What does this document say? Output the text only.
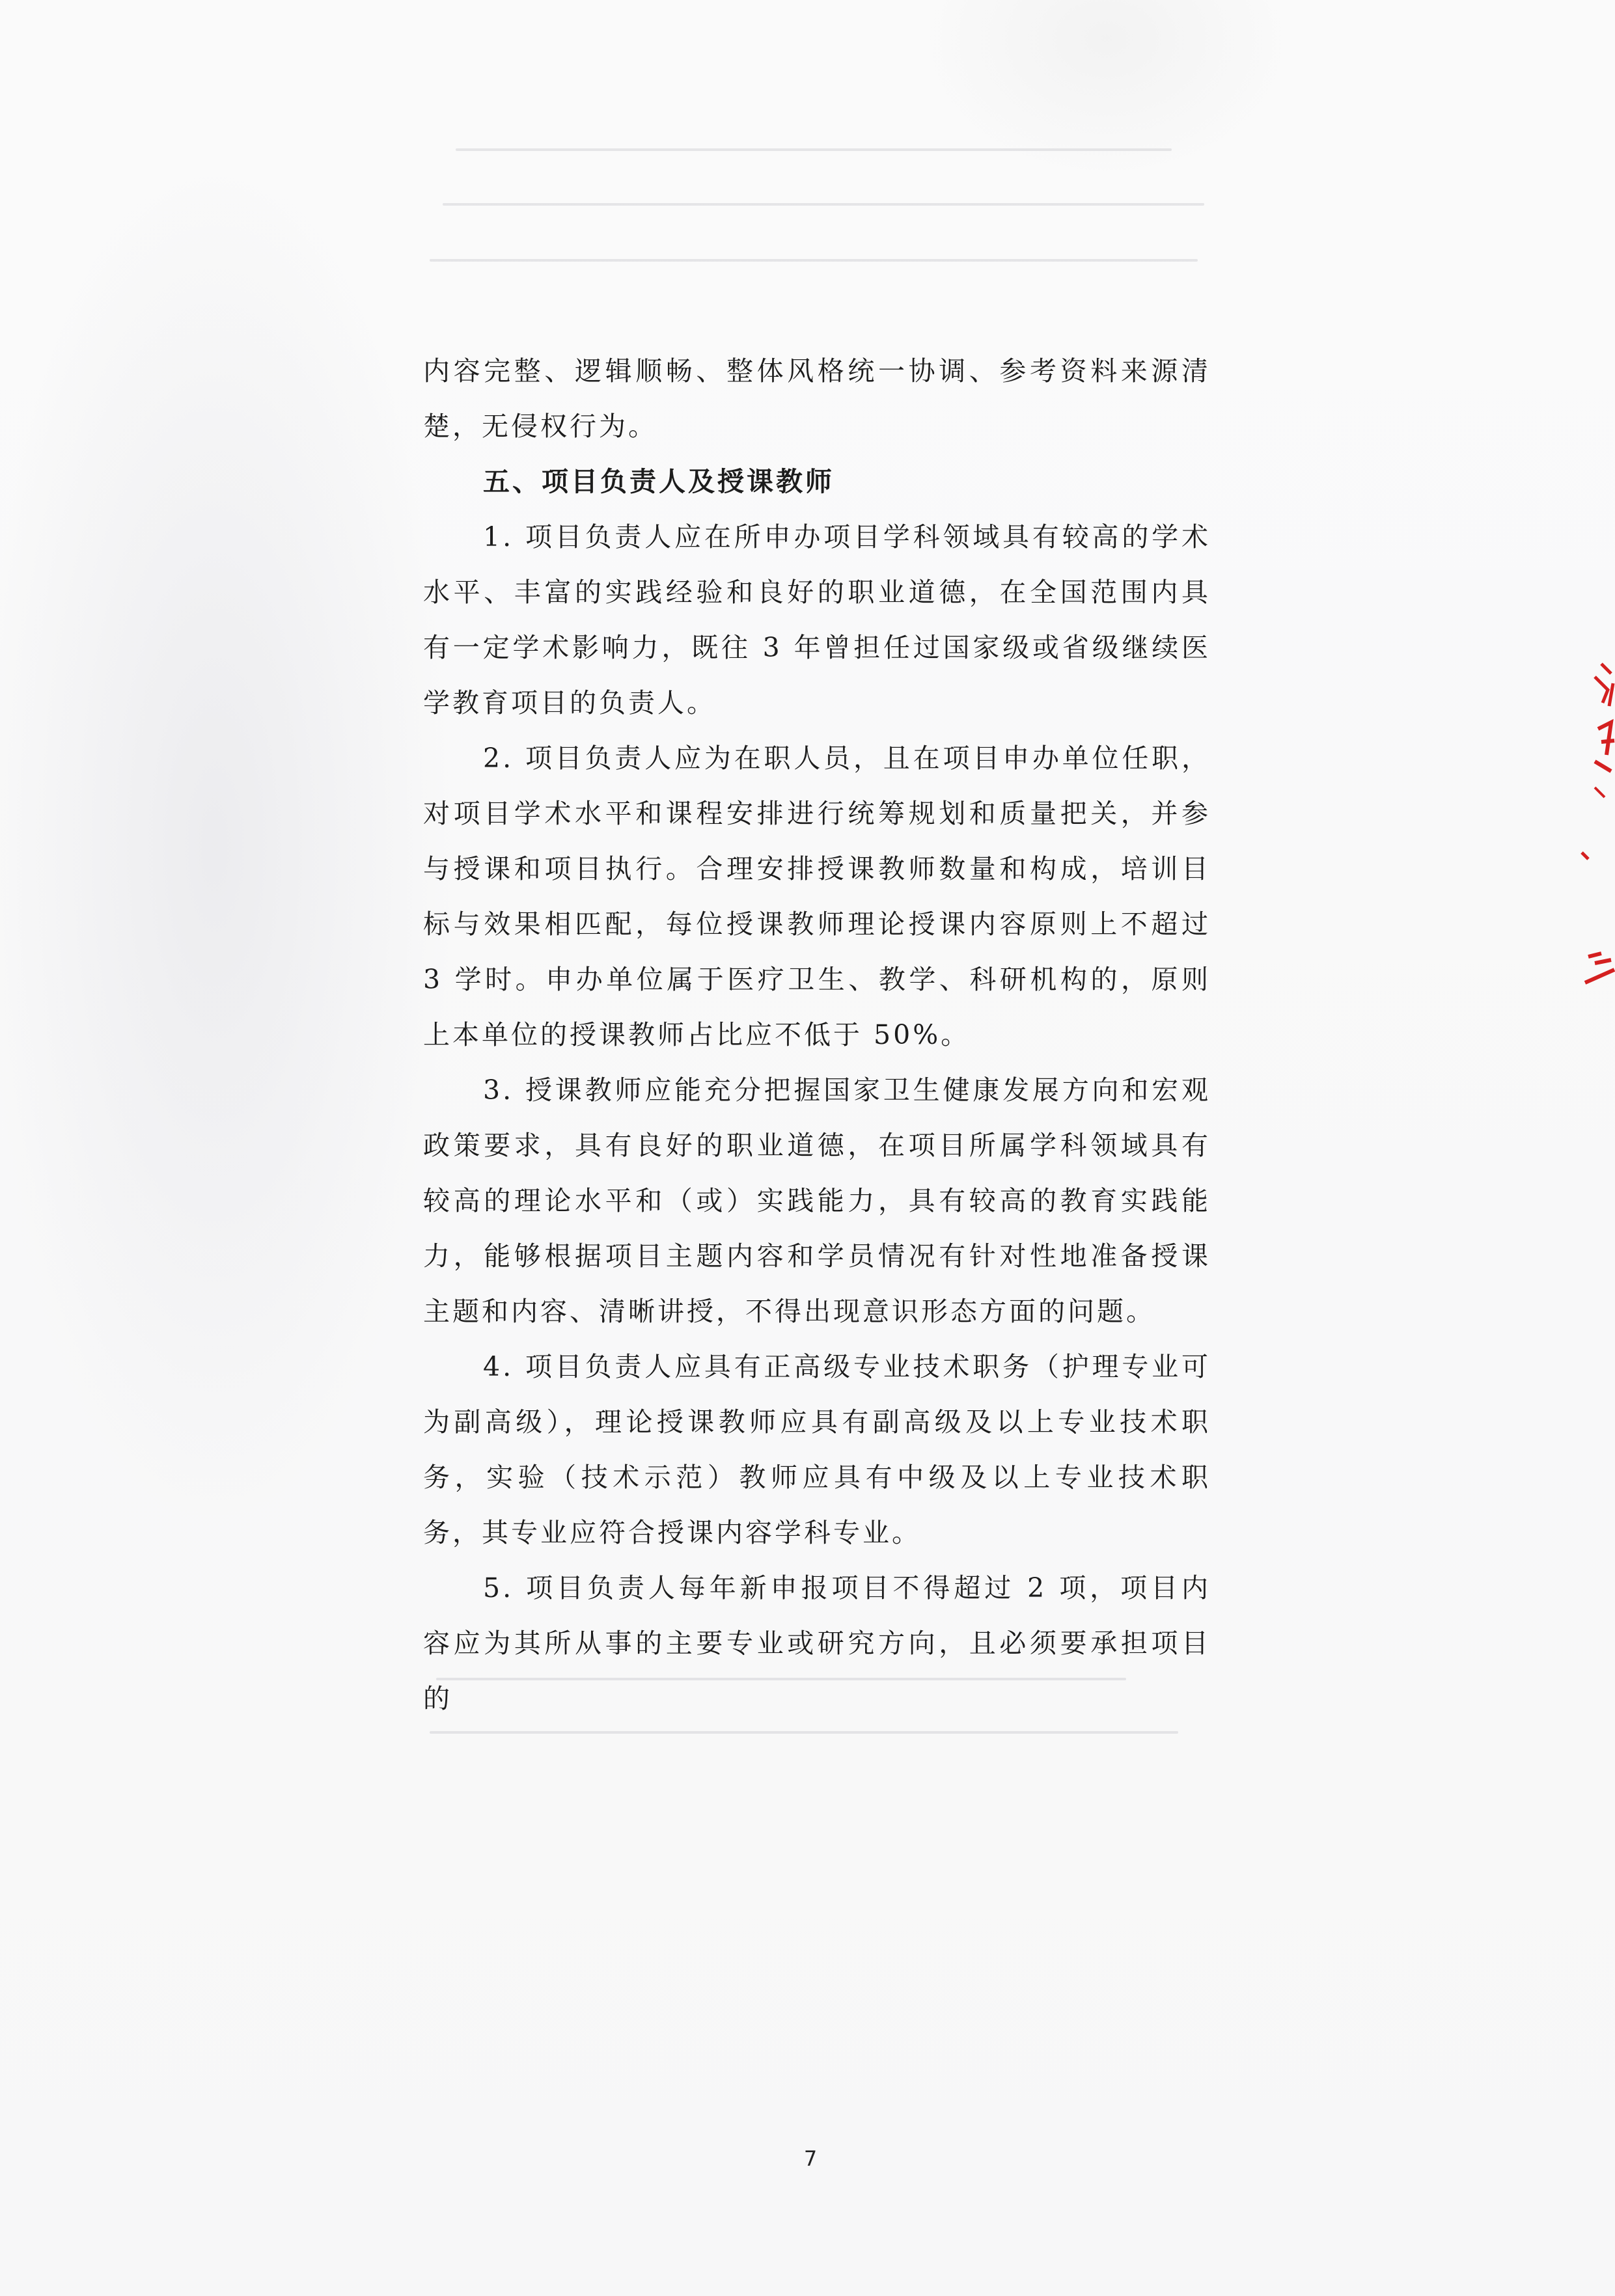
内容完整、逻辑顺畅、整体风格统一协调、参考资料来源清楚，无侵权行为。

五、项目负责人及授课教师

1. 项目负责人应在所申办项目学科领域具有较高的学术水平、丰富的实践经验和良好的职业道德，在全国范围内具有一定学术影响力，既往 3 年曾担任过国家级或省级继续医学教育项目的负责人。

2. 项目负责人应为在职人员，且在项目申办单位任职，对项目学术水平和课程安排进行统筹规划和质量把关，并参与授课和项目执行。合理安排授课教师数量和构成，培训目标与效果相匹配，每位授课教师理论授课内容原则上不超过 3 学时。申办单位属于医疗卫生、教学、科研机构的，原则上本单位的授课教师占比应不低于 50%。

3. 授课教师应能充分把握国家卫生健康发展方向和宏观政策要求，具有良好的职业道德，在项目所属学科领域具有较高的理论水平和（或）实践能力，具有较高的教育实践能力，能够根据项目主题内容和学员情况有针对性地准备授课主题和内容、清晰讲授，不得出现意识形态方面的问题。

4. 项目负责人应具有正高级专业技术职务（护理专业可为副高级），理论授课教师应具有副高级及以上专业技术职务，实验（技术示范）教师应具有中级及以上专业技术职务，其专业应符合授课内容学科专业。

5. 项目负责人每年新申报项目不得超过 2 项，项目内容应为其所从事的主要专业或研究方向，且必须要承担项目的

7
